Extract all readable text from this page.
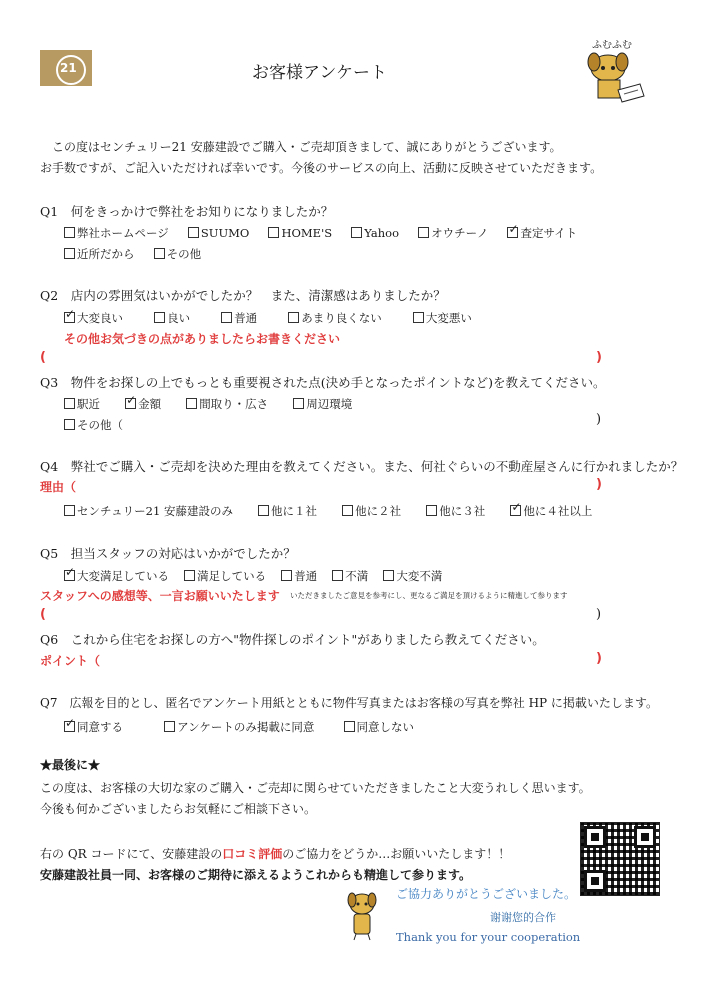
21	お客様アンケート
ふむふむ
この度はセンチュリー21 安藤建設でご購入・ご売却頂きまして、誠にありがとうございます。
お手数ですが、ご記入いただければ幸いです。今後のサービスの向上、活動に反映させていただきます。
Q1　何をきっかけで弊社をお知りになりましたか？
弊社ホームページ	SUUMO	HOME'S	Yahoo	オウチーノ ✓	査定サイト
近所だから	その他
Q2　店内の雰囲気はいかがでしたか？　また、清潔感はありましたか？
✓大変良い	良い	普通	あまり良くない	大変悪い
その他お気づきの点がありましたらお書きください
(	)
Q3　物件をお探しの上でもっとも重要視された点(決め手となったポイントなど)を教えてください。
駅近 ✓	金額	間取り・広さ	周辺環境
その他（	)
Q4　弊社でご購入・ご売却を決めた理由を教えてください。また、何社ぐらいの不動産屋さんに行かれましたか？
理由（	)
センチュリー21 安藤建設のみ	他に１社	他に２社	他に３社 ✓	他に４社以上
Q5　担当スタッフの対応はいかがでしたか？
✓大変満足している 満足している 普通 不満 大変不満
スタッフへの感想等、一言お願いいたします いただきましたご意見を参考にし、更なるご満足を頂けるように精進して参ります
(	)
Q6　これから住宅をお探しの方へ"物件探しのポイント"がありましたら教えてください。
ポイント（	)
Q7　広報を目的とし、匿名でアンケート用紙とともに物件写真またはお客様の写真を弊社 HP に掲載いたします。
✓同意する	アンケートのみ掲載に同意	同意しない
★最後に★
この度は、お客様の大切な家のご購入・ご売却に関らせていただきましたこと大変うれしく思います。
今後も何かございましたらお気軽にご相談下さい。
右の QR コードにて、安藤建設の口コミ評価のご協力をどうか…お願いいたします！！
安藤建設社員一同、お客様のご期待に添えるようこれからも精進して参ります。
ご協力ありがとうございました。
谢谢您的合作
Thank you for your cooperation
